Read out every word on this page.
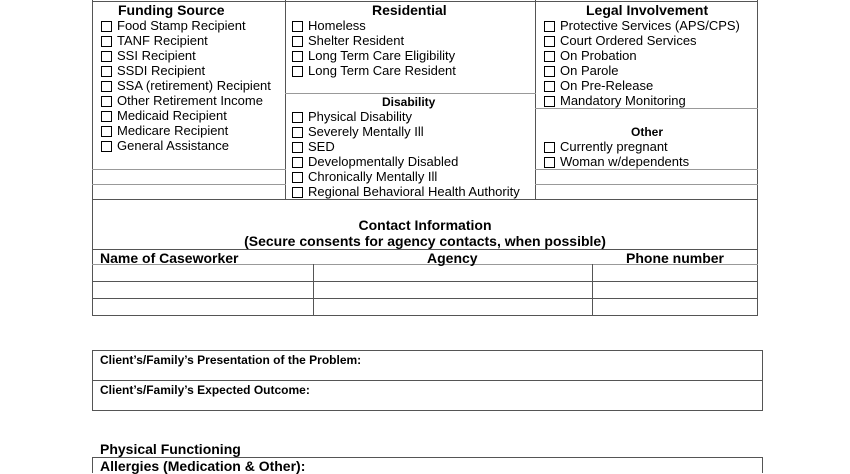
Funding Source
Food Stamp Recipient
TANF Recipient
SSI Recipient
SSDI Recipient
SSA (retirement) Recipient
Other Retirement Income
Medicaid Recipient
Medicare Recipient
General Assistance
Residential
Homeless
Shelter Resident
Long Term Care Eligibility
Long Term Care Resident
Disability
Physical Disability
Severely Mentally Ill
SED
Developmentally Disabled
Chronically Mentally Ill
Regional Behavioral Health Authority
Legal Involvement
Protective Services (APS/CPS)
Court Ordered Services
On Probation
On Parole
On Pre-Release
Mandatory Monitoring
Other
Currently pregnant
Woman w/dependents
Contact Information
(Secure consents for agency contacts, when possible)
Name of Caseworker	Agency	Phone number
Client’s/Family’s Presentation of the Problem:
Client’s/Family’s Expected Outcome:
Physical Functioning
Allergies (Medication & Other):
